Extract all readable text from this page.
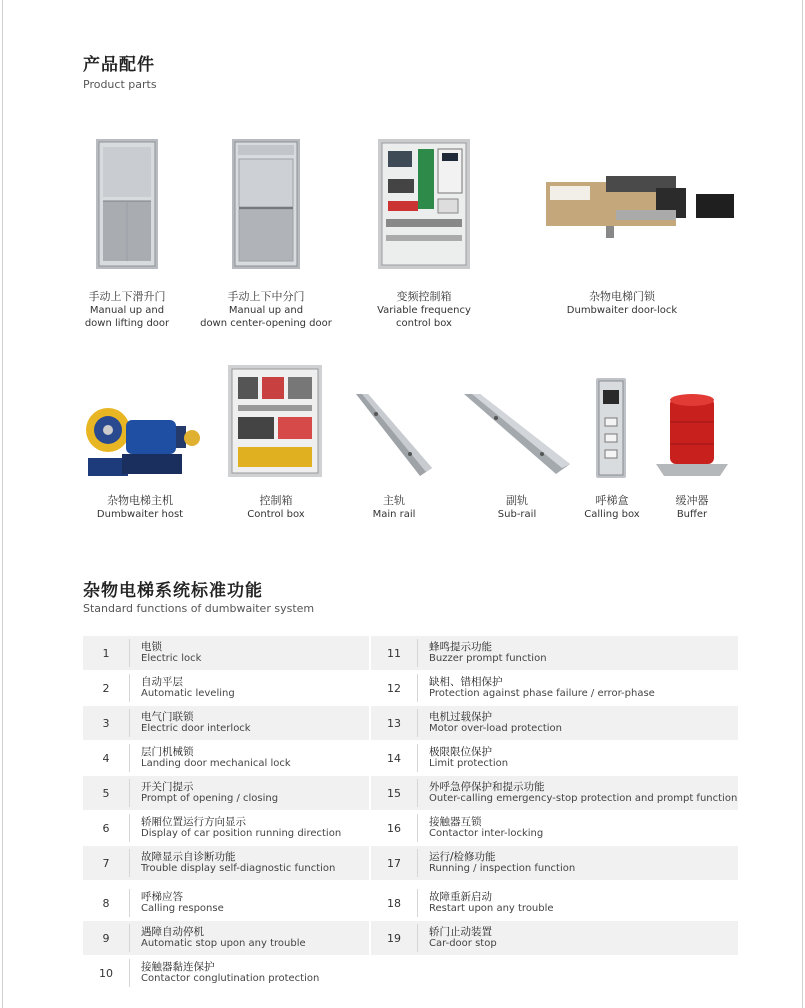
产品配件
Product parts
手动上下滑升门
Manual up and
down lifting door
手动上下中分门
Manual up and
down center-opening door
变频控制箱
Variable frequency
control box
杂物电梯门锁
Dumbwaiter door-lock
杂物电梯主机
Dumbwaiter host
控制箱
Control box
主轨
Main rail
副轨
Sub-rail
呼梯盒
Calling box
缓冲器
Buffer
杂物电梯系统标准功能
Standard functions of dumbwaiter system
1	电锁
Electric lock
2	自动平层
Automatic leveling
3	电气门联锁
Electric door interlock
4	层门机械锁
Landing door mechanical lock
5	开关门提示
Prompt of opening / closing
6	轿厢位置运行方向显示
Display of car position running direction
7	故障显示自诊断功能
Trouble display self-diagnostic function
8	呼梯应答
Calling response
9	遇障自动停机
Automatic stop upon any trouble
10	接触器黏连保护
Contactor conglutination protection
11	蜂鸣提示功能
Buzzer prompt function
12	缺相、错相保护
Protection against phase failure / error-phase
13	电机过载保护
Motor over-load protection
14	极限限位保护
Limit protection
15	外呼急停保护和提示功能
Outer-calling emergency-stop protection and prompt function
16	接触器互锁
Contactor inter-locking
17	运行/检修功能
Running / inspection function
18	故障重新启动
Restart upon any trouble
19	轿门止动装置
Car-door stop
